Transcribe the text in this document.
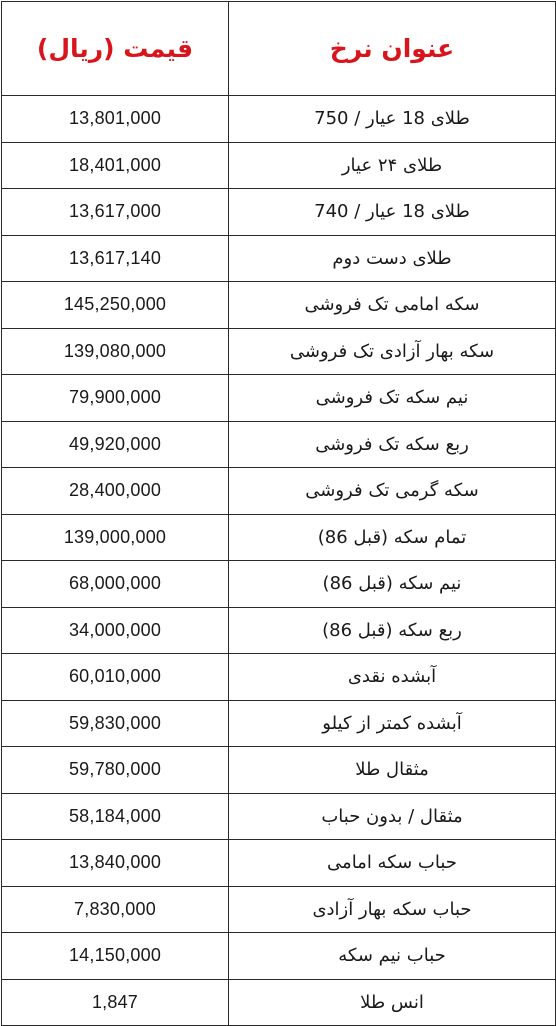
قیمت (ریال)	عنوان نرخ
13,801,000	طلای 18 عیار / 750
18,401,000	طلای ۲۴ عیار
13,617,000	طلای 18 عیار / 740
13,617,140	طلای دست دوم
145,250,000	سکه امامی تک فروشی
139,080,000	سکه بهار آزادی تک فروشی
79,900,000	نیم سکه تک فروشی
49,920,000	ربع سکه تک فروشی
28,400,000	سکه گرمی تک فروشی
139,000,000	تمام سکه (قبل 86)
68,000,000	نیم سکه (قبل 86)
34,000,000	ربع سکه (قبل 86)
60,010,000	آبشده نقدی
59,830,000	آبشده کمتر از کیلو
59,780,000	مثقال طلا
58,184,000	مثقال / بدون حباب
13,840,000	حباب سکه امامی
7,830,000	حباب سکه بهار آزادی
14,150,000	حباب نیم سکه
1,847	انس طلا
